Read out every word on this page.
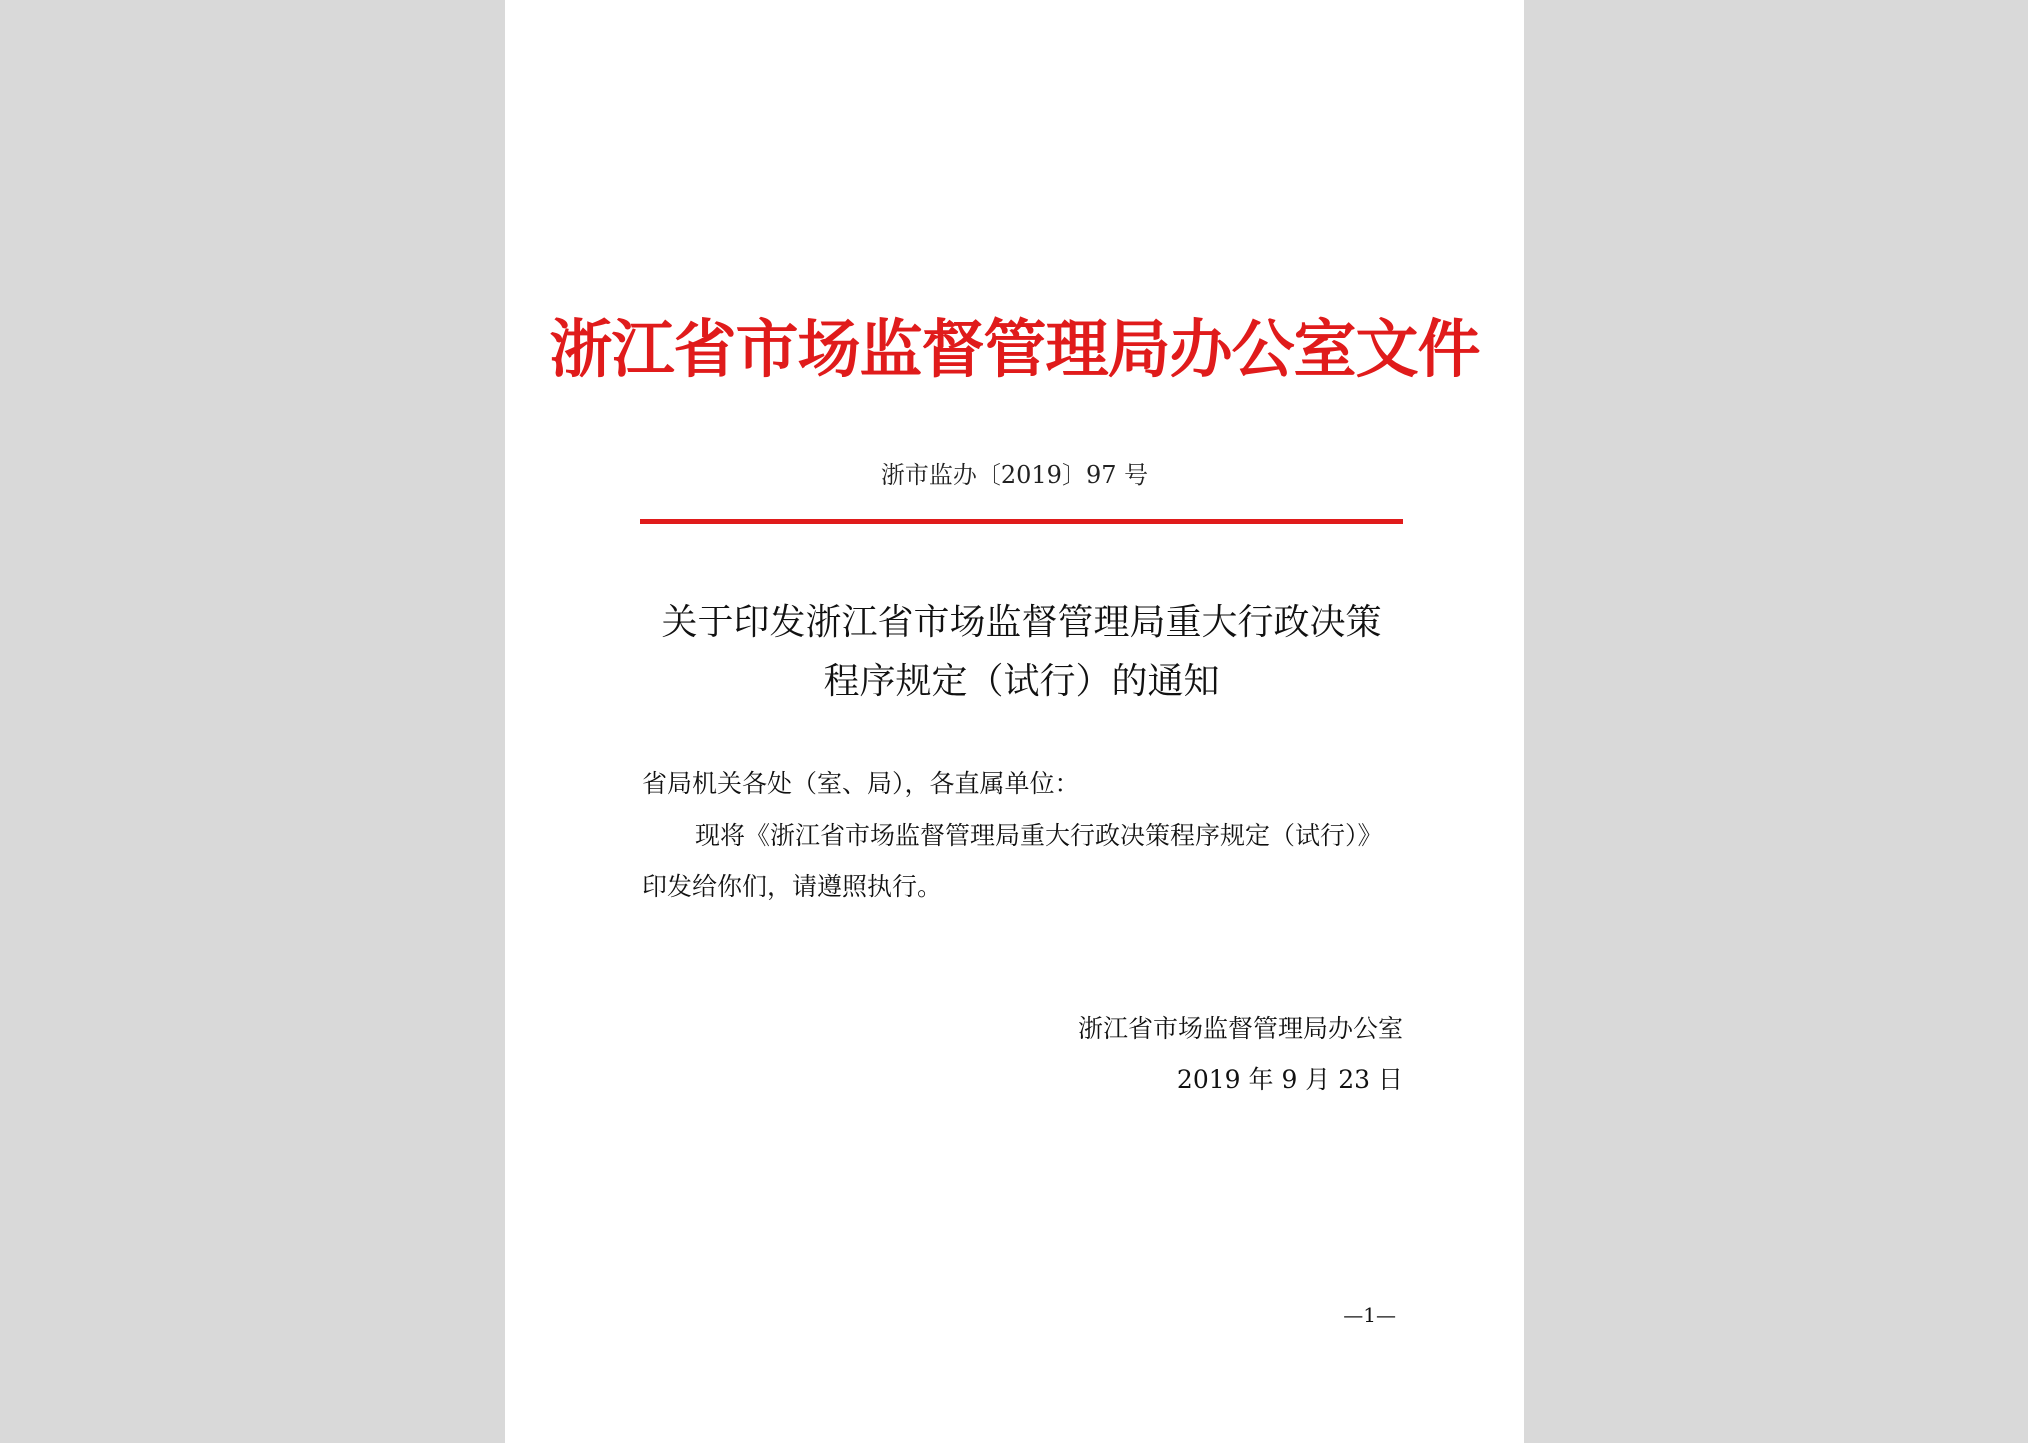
浙江省市场监督管理局办公室文件
浙市监办〔2019〕97 号
关于印发浙江省市场监督管理局重大行政决策
程序规定（试行）的通知
省局机关各处（室、局），各直属单位：
现将《浙江省市场监督管理局重大行政决策程序规定（试行）》
印发给你们，请遵照执行。
浙江省市场监督管理局办公室
2019 年 9 月 23 日
—1—
